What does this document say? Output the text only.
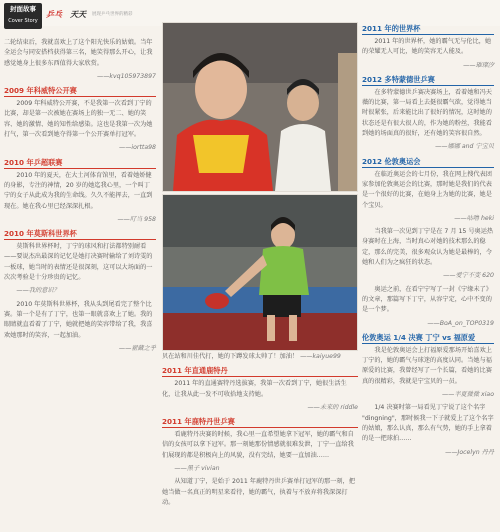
封面故事
Cover Story
乒乓 天天 展现乒乓世界的精彩

二轮结束后，我就喜欢上了这个阳光快乐的姑娘。当年全运会与同安搭档获得第三名，她笑得那么开心，让我感觉她身上很多东西值得大家欣赏。

——kvq105973897

2009 年科威特公开赛

2009 年科威特公开赛，不是我第一次看到丁宁的比赛，却是第一次被她在赛场上的独一无二、她的笑容、她的激情、她的知性给感染。这也是我第一次为她打气，第一次看到她夺得第一个公开赛单打冠军。

——iortta98

2010 年乒超联赛

2010 年的夏天，在大土河体育馆里，看着她娇健的身影，专注的神情，20 岁的她迄我心里，一个叫丁宁的女子从此成为我的生命线。久久不能挥去，一直到现在。她在我心里已经深深扎根。

——叮当 958

2010 年莫斯科世界杯

莫斯科世界杯时，丁宁的球风和打法都特别耐看——要说杰出最深的记忆是她打决赛时输给了刘诗雯的一板球，她当时的表情还是很深刻，这可以大场面的一次次考验是十分珍贵的记忆。

——我的意识？

2010 年莫斯科世界杯，我从头到尾看完了整个比赛。第一个是有了丁宁，也第一眼就喜欢上了她。我的眼睛就直看着了丁宁，她就把她的笑容带给了我，我喜欢她那时的笑容，一起加油。

——翟藏之乎

贝在站和川佳代打，她的下蹲发球太帅了！加油！ ——kaiyue99

2011 年直通鹿特丹

2011 年的直通赛特丹选拔赛，我第一次看到丁宁，她很生活生化，让我从此一发不可收拾地支持她。

——未来的 riddle

2011 年鹿特丹世乒赛

看鹿特丹决赛的时候，我心里一直希望她拿下冠军，她的霸气和自信的女孩可以拿下冠军。那一刻她那份情感就很难发泄，丁宁一直给我们展现的都是积极向上的风貌，没有完结，她要一直加油……

——黑子 vivian

从知道丁宁，是始于 2011 年鹿特丹世乒赛单打冠军的那一刻，把她当做一名真正的明星来看待，她的霸气，执着与不放弃将我深深打动。

2011 年的世界杯

2011 年的世界杯，她的霸气无与伦比，她的荣耀无人可比，她的笑容无人能及。

——璀璨汐

2012 多特蒙德世乒赛

在多特蒙德世乒赛决赛场上，看着她和冯天薇的比赛，第一局看上去挺很霸气欲，觉得她当时很紧张，后来能比出了很好的情况，这时她的状态还是有很大很人的，作为她的粉丝，我能看到她的场面真的很好，还有她的笑容很自然。

——娜娜 and 宁宝贝

2012 伦敦奥运会

在临近奥运会的七月份，我在网上搜代表团家参加伦敦奥运会的比赛，那时她是我们的代表是一个很好的比赛，在她身上为她的比赛，她是个宝贝。

——咕噜 heki

当我第一次见到丁宁是在 7 月 15 号奥运热身赛时在上海，当时真心对她的技术那么的稳定，那么的完美，很多观众认为她是最棒的，令她和人们为之疯狂的状态。

——爱宁不变 620

奥运之前，在看宁宁写了一封《宁缘未了》的文章，那篇写下丁宁，从容宁定，心中不变的是一个梦。

——BoA_on_TOP0319

伦敦奥运 1/4 决赛 丁宁 vs 福原爱

我是伦敦奥运会上打福原爱那场开始喜欢上丁宁的，她的霸气与球迷的高度认同。当她与福原爱的比赛，我曾经写了一个长篇，看她的比赛真的很精彩，我就是宁宝贝的一员。

——半夏微微 xiao

1/4 决赛时第一局看见丁宁说了这个名字 "dingning"，那时候我一下子就爱上了这个名字的姑娘，那么认真，那么有气势，她的手上拿着的是一把球拍……

——Jocelyn 丹丹
